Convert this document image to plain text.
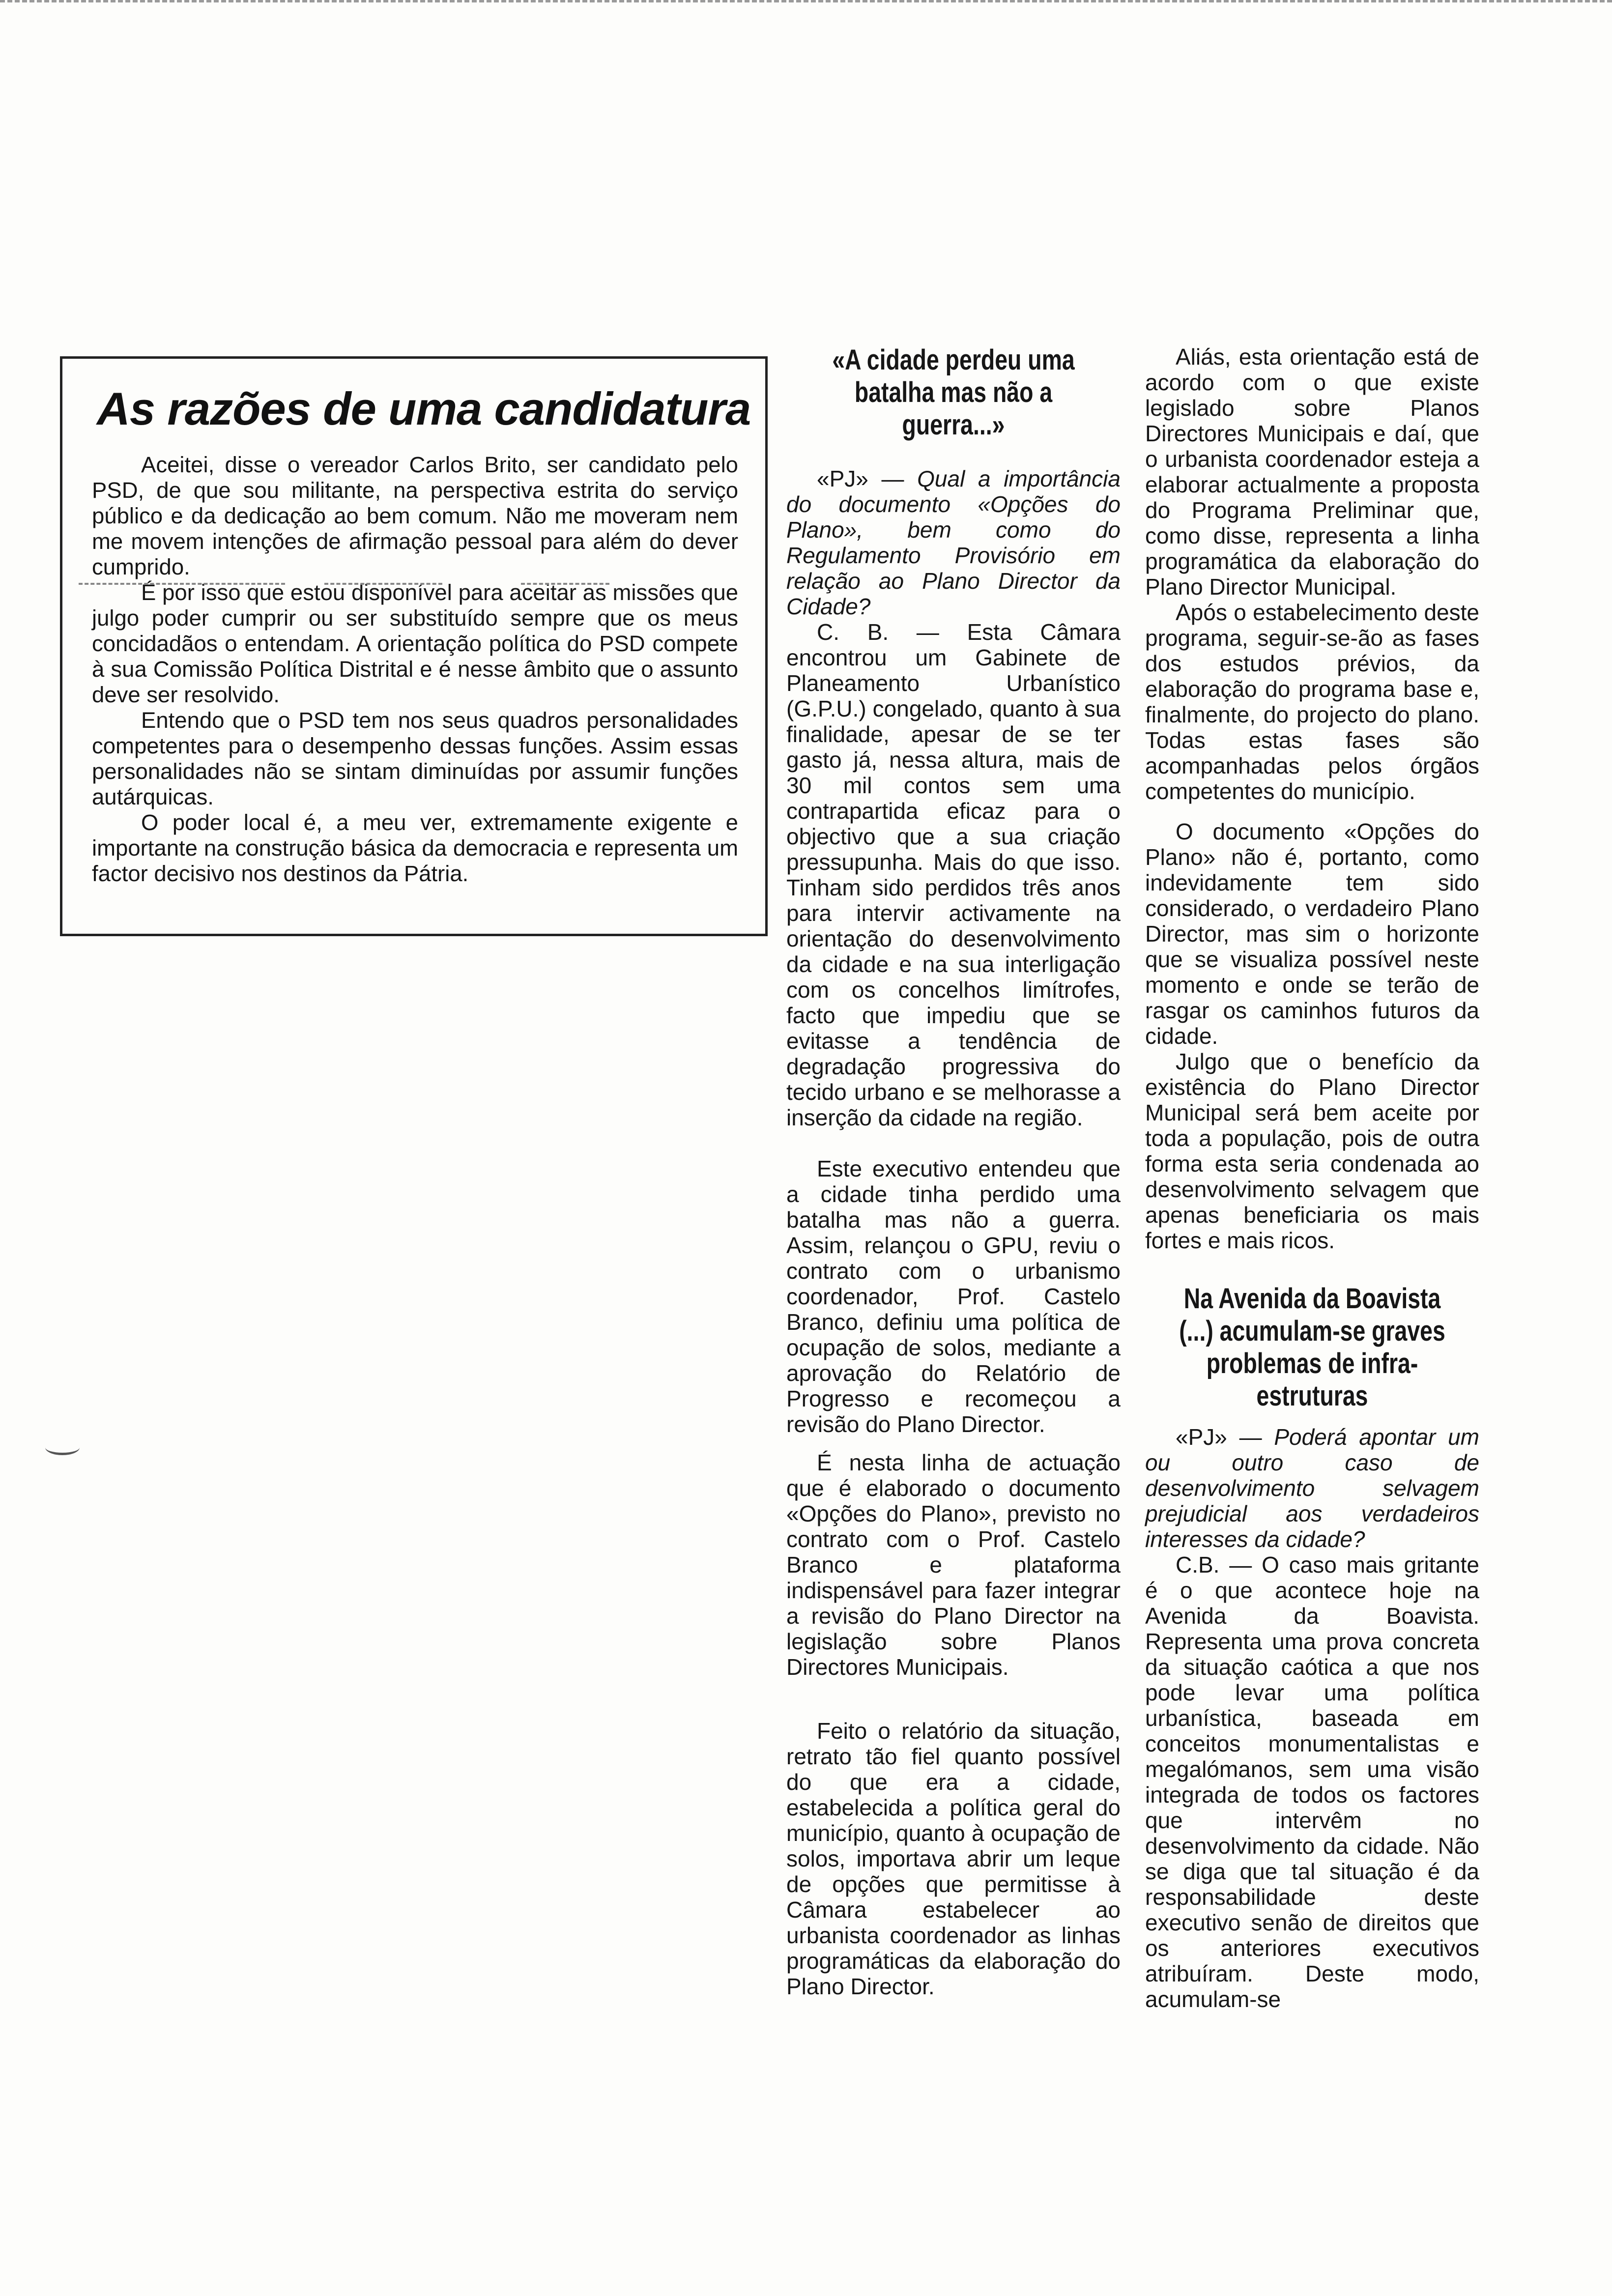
As razões de uma candidatura

Aceitei, disse o vereador Carlos Brito, ser candidato pelo PSD, de que sou militante, na perspectiva estrita do serviço público e da dedicação ao bem comum. Não me moveram nem me movem intenções de afirmação pessoal para além do dever cumprido.

É por isso que estou disponível para aceitar as missões que julgo poder cumprir ou ser substituído sempre que os meus concidadãos o entendam. A orientação política do PSD compete à sua Comissão Política Distrital e é nesse âmbito que o assunto deve ser resolvido.

Entendo que o PSD tem nos seus quadros personalidades competentes para o desempenho dessas funções. Assim essas personalidades não se sintam diminuídas por assumir funções autárquicas.

O poder local é, a meu ver, extremamente exigente e importante na construção básica da democracia e representa um factor decisivo nos destinos da Pátria.

«A cidade perdeu uma batalha mas não a guerra...»

«PJ» — Qual a importância do documento «Opções do Plano», bem como do Regulamento Provisório em relação ao Plano Director da Cidade?

C. B. — Esta Câmara encontrou um Gabinete de Planeamento Urbanístico (G.P.U.) congelado, quanto à sua finalidade, apesar de se ter gasto já, nessa altura, mais de 30 mil contos sem uma contrapartida eficaz para o objectivo que a sua criação pressupunha. Mais do que isso. Tinham sido perdidos três anos para intervir activamente na orientação do desenvolvimento da cidade e na sua interligação com os concelhos limítrofes, facto que impediu que se evitasse a tendência de degradação progressiva do tecido urbano e se melhorasse a inserção da cidade na região.

Este executivo entendeu que a cidade tinha perdido uma batalha mas não a guerra. Assim, relançou o GPU, reviu o contrato com o urbanismo coordenador, Prof. Castelo Branco, definiu uma política de ocupação de solos, mediante a aprovação do Relatório de Progresso e recomeçou a revisão do Plano Director.

É nesta linha de actuação que é elaborado o documento «Opções do Plano», previsto no contrato com o Prof. Castelo Branco e plataforma indispensável para fazer integrar a revisão do Plano Director na legislação sobre Planos Directores Municipais.

Feito o relatório da situação, retrato tão fiel quanto possível do que era a cidade, estabelecida a política geral do município, quanto à ocupação de solos, importava abrir um leque de opções que permitisse à Câmara estabelecer ao urbanista coordenador as linhas programáticas da elaboração do Plano Director.

Aliás, esta orientação está de acordo com o que existe legislado sobre Planos Directores Municipais e daí, que o urbanista coordenador esteja a elaborar actualmente a proposta do Programa Preliminar que, como disse, representa a linha programática da elaboração do Plano Director Municipal.

Após o estabelecimento deste programa, seguir-se-ão as fases dos estudos prévios, da elaboração do programa base e, finalmente, do projecto do plano. Todas estas fases são acompanhadas pelos órgãos competentes do município.

O documento «Opções do Plano» não é, portanto, como indevidamente tem sido considerado, o verdadeiro Plano Director, mas sim o horizonte que se visualiza possível neste momento e onde se terão de rasgar os caminhos futuros da cidade.

Julgo que o benefício da existência do Plano Director Municipal será bem aceite por toda a população, pois de outra forma esta seria condenada ao desenvolvimento selvagem que apenas beneficiaria os mais fortes e mais ricos.

Na Avenida da Boavista (...) acumulam-se graves problemas de infra-estruturas

«PJ» — Poderá apontar um ou outro caso de desenvolvimento selvagem prejudicial aos verdadeiros interesses da cidade?

C.B. — O caso mais gritante é o que acontece hoje na Avenida da Boavista. Representa uma prova concreta da situação caótica a que nos pode levar uma política urbanística, baseada em conceitos monumentalistas e megalómanos, sem uma visão integrada de todos os factores que intervêm no desenvolvimento da cidade. Não se diga que tal situação é da responsabilidade deste executivo senão de direitos que os anteriores executivos atribuíram. Deste modo, acumulam-se
